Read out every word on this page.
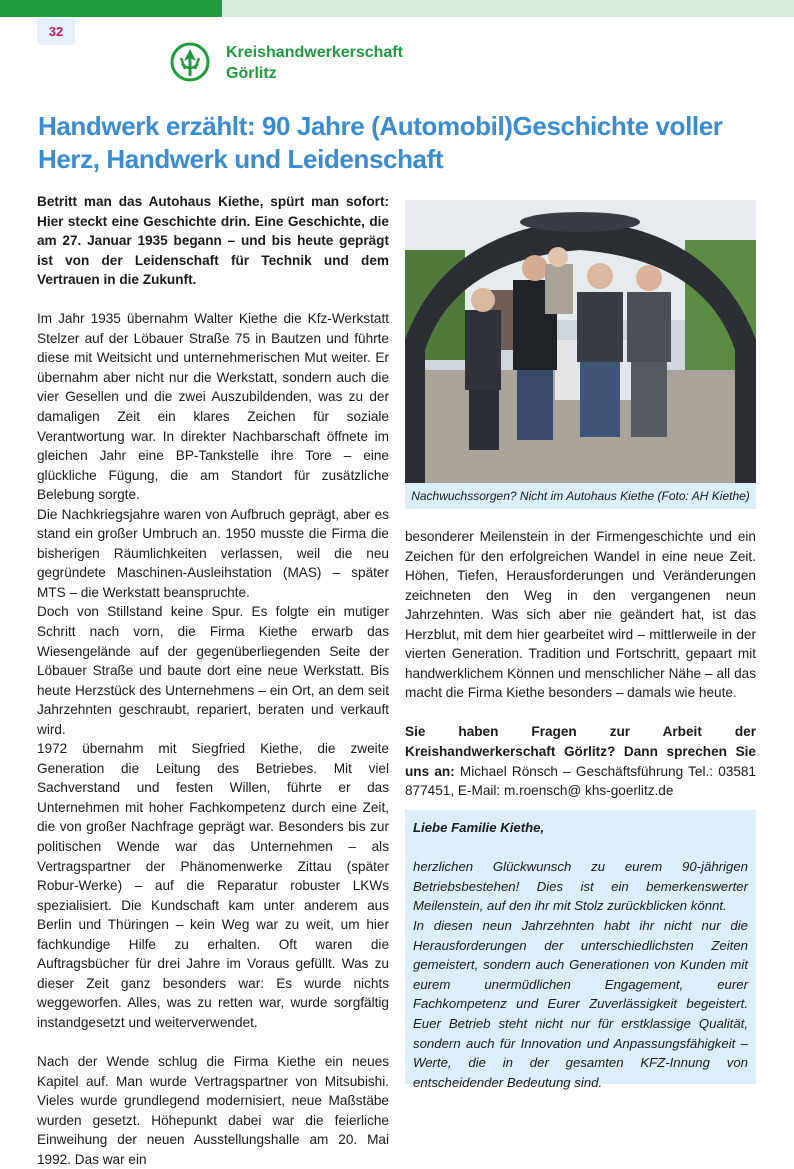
32
Kreishandwerkerschaft
Görlitz
Handwerk erzählt: 90 Jahre (Automobil)Geschichte voller Herz, Handwerk und Leidenschaft

Betritt man das Autohaus Kiethe, spürt man sofort: Hier steckt eine Geschichte drin. Eine Geschichte, die am 27. Januar 1935 begann – und bis heute geprägt ist von der Leidenschaft für Technik und dem Vertrauen in die Zukunft.

Im Jahr 1935 übernahm Walter Kiethe die Kfz-Werkstatt Stelzer auf der Löbauer Straße 75 in Bautzen und führte diese mit Weitsicht und unternehmerischen Mut weiter. Er übernahm aber nicht nur die Werkstatt, sondern auch die vier Gesellen und die zwei Auszubildenden, was zu der damaligen Zeit ein klares Zeichen für soziale Verantwortung war. In direkter Nachbarschaft öffnete im gleichen Jahr eine BP-Tankstelle ihre Tore – eine glückliche Fügung, die am Standort für zusätzliche Belebung sorgte.

Die Nachkriegsjahre waren von Aufbruch geprägt, aber es stand ein großer Umbruch an. 1950 musste die Firma die bisherigen Räumlichkeiten verlassen, weil die neu gegründete Maschinen-Ausleihstation (MAS) – später MTS – die Werkstatt beanspruchte.

Doch von Stillstand keine Spur. Es folgte ein mutiger Schritt nach vorn, die Firma Kiethe erwarb das Wiesengelände auf der gegenüberliegenden Seite der Löbauer Straße und baute dort eine neue Werkstatt. Bis heute Herzstück des Unternehmens – ein Ort, an dem seit Jahrzehnten geschraubt, repariert, beraten und verkauft wird.

1972 übernahm mit Siegfried Kiethe, die zweite Generation die Leitung des Betriebes. Mit viel Sachverstand und festen Willen, führte er das Unternehmen mit hoher Fachkompetenz durch eine Zeit, die von großer Nachfrage geprägt war. Besonders bis zur politischen Wende war das Unternehmen – als Vertragspartner der Phänomenwerke Zittau (später Robur-Werke) – auf die Reparatur robuster LKWs spezialisiert. Die Kundschaft kam unter anderem aus Berlin und Thüringen – kein Weg war zu weit, um hier fachkundige Hilfe zu erhalten. Oft waren die Auftragsbücher für drei Jahre im Voraus gefüllt. Was zu dieser Zeit ganz besonders war: Es wurde nichts weggeworfen. Alles, was zu retten war, wurde sorgfältig instandgesetzt und weiterverwendet.

Nach der Wende schlug die Firma Kiethe ein neues Kapitel auf. Man wurde Vertragspartner von Mitsubishi. Vieles wurde grundlegend modernisiert, neue Maßstäbe wurden gesetzt. Höhepunkt dabei war die feierliche Einweihung der neuen Ausstellungshalle am 20. Mai 1992. Das war ein

Nachwuchssorgen? Nicht im Autohaus Kiethe (Foto: AH Kiethe)

besonderer Meilenstein in der Firmengeschichte und ein Zeichen für den erfolgreichen Wandel in eine neue Zeit. Höhen, Tiefen, Herausforderungen und Veränderungen zeichneten den Weg in den vergangenen neun Jahrzehnten. Was sich aber nie geändert hat, ist das Herzblut, mit dem hier gearbeitet wird – mittlerweile in der vierten Generation. Tradition und Fortschritt, gepaart mit handwerklichem Können und menschlicher Nähe – all das macht die Firma Kiethe besonders – damals wie heute.

Sie haben Fragen zur Arbeit der Kreishandwerkerschaft Görlitz? Dann sprechen Sie uns an: Michael Rönsch – Geschäftsführung Tel.: 03581 877451, E-Mail: m.roensch@ khs-goerlitz.de

Liebe Familie Kiethe,

herzlichen Glückwunsch zu eurem 90-jährigen Betriebsbestehen! Dies ist ein bemerkenswerter Meilenstein, auf den ihr mit Stolz zurückblicken könnt.

In diesen neun Jahrzehnten habt ihr nicht nur die Herausforderungen der unterschiedlichsten Zeiten gemeistert, sondern auch Generationen von Kunden mit eurem unermüdlichen Engagement, eurer Fachkompetenz und Eurer Zuverlässigkeit begeistert. Euer Betrieb steht nicht nur für erstklassige Qualität, sondern auch für Innovation und Anpassungsfähigkeit – Werte, die in der gesamten KFZ-Innung von entscheidender Bedeutung sind.
